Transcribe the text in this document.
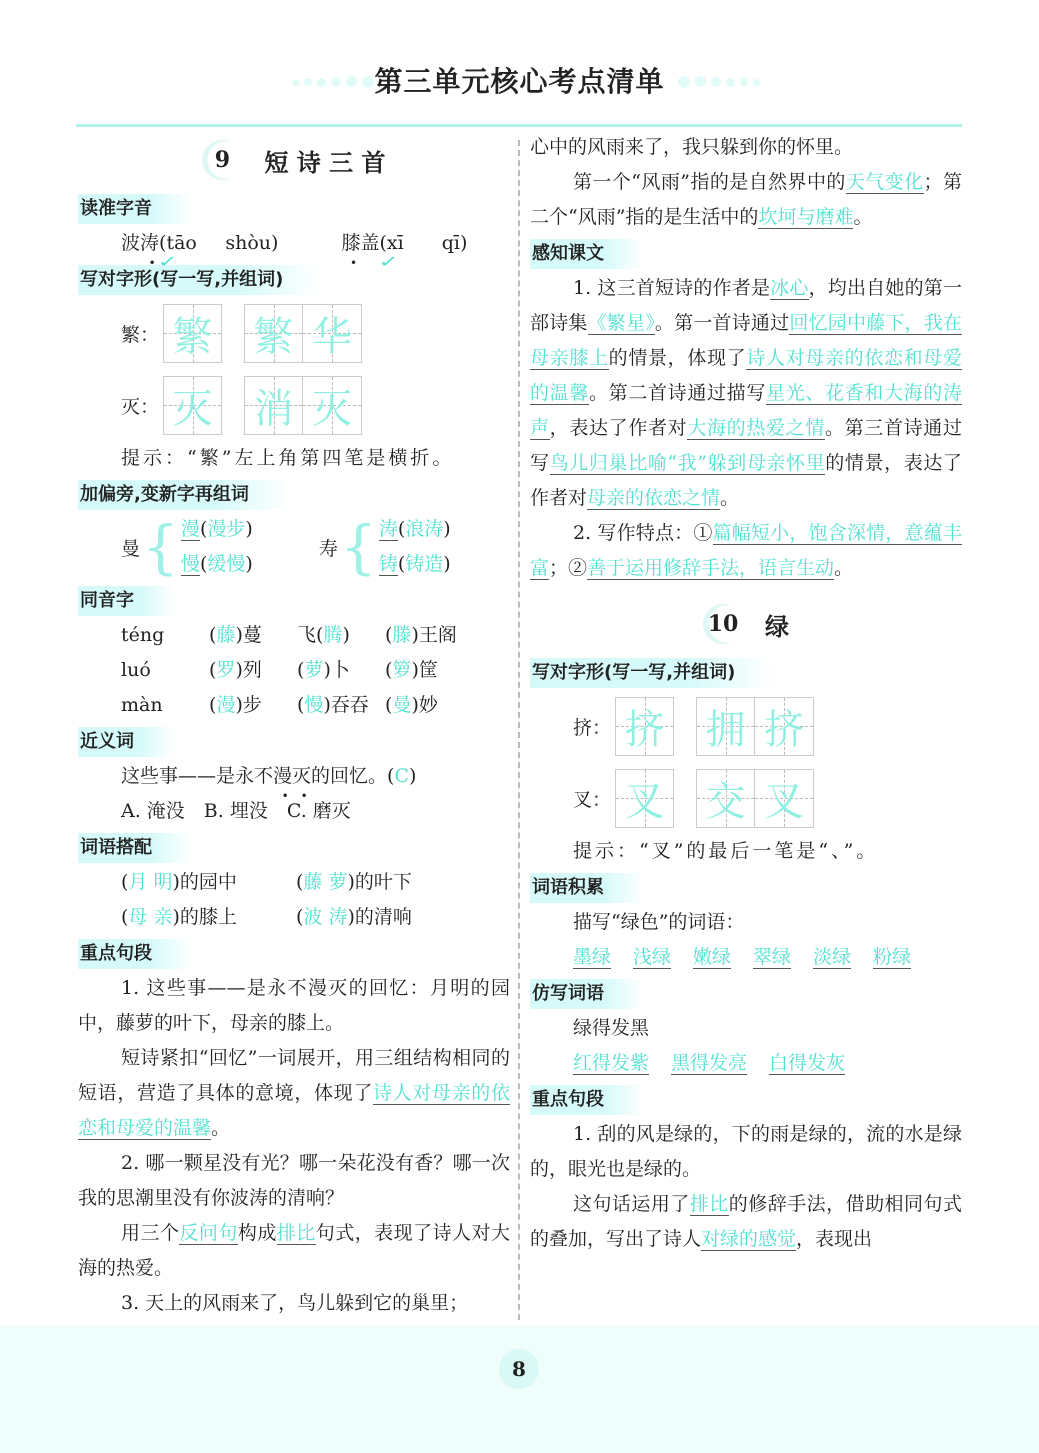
第三单元核心考点清单
9	短 诗 三 首
读准字音
波涛(tāo ✓   shòu)   	膝盖(xī ✓   qī)
写对字形(写一写,并组词)
繁： 繁 繁 华
灭： 灭 消 灭
提示：“繁”左上角第四笔是横折。
加偏旁,变新字再组词
曼 { 漫(漫步)
慢(缓慢)
寿 { 涛(浪涛)
铸(铸造)
同音字
téng	(藤)蔓	飞(腾)	(滕)王阁
luó	(罗)列	(萝)卜	(箩)筐
màn	(漫)步	(慢)吞吞 (曼)妙
近义词
这些事——是永不漫灭的回忆。(C)
A. 淹没　B. 埋没　C. 磨灭
词语搭配
(月 明)的园中	(藤 萝)的叶下
(母 亲)的膝上	(波 涛)的清响
重点句段
1. 这些事——是永不漫灭的回忆：月明的园中，藤萝的叶下，母亲的膝上。
短诗紧扣“回忆”一词展开，用三组结构相同的短语，营造了具体的意境，体现了诗人对母亲的依恋和母爱的温馨。
2. 哪一颗星没有光？哪一朵花没有香？哪一次我的思潮里没有你波涛的清响？
用三个反问句构成排比句式，表现了诗人对大海的热爱。
3. 天上的风雨来了，鸟儿躲到它的巢里；
心中的风雨来了，我只躲到你的怀里。
第一个“风雨”指的是自然界中的天气变化；第二个“风雨”指的是生活中的坎坷与磨难。
感知课文
1. 这三首短诗的作者是冰心，均出自她的第一部诗集《繁星》。第一首诗通过回忆园中藤下，我在母亲膝上的情景，体现了诗人对母亲的依恋和母爱的温馨。第二首诗通过描写星光、花香和大海的涛声，表达了作者对大海的热爱之情。第三首诗通过写鸟儿归巢比喻“我”躲到母亲怀里的情景，表达了作者对母亲的依恋之情。
2. 写作特点：①篇幅短小，饱含深情，意蕴丰富；②善于运用修辞手法，语言生动。
10 绿
写对字形(写一写,并组词)
挤： 挤 拥 挤
叉： 叉 交 叉
提示：“叉”的最后一笔是“、”。
词语积累
描写“绿色”的词语：
墨绿 浅绿 嫩绿 翠绿 淡绿 粉绿
仿写词语
绿得发黑
红得发紫 黑得发亮 白得发灰
重点句段
1. 刮的风是绿的，下的雨是绿的，流的水是绿的，眼光也是绿的。
这句话运用了排比的修辞手法，借助相同句式的叠加，写出了诗人对绿的感觉，表现出
8
